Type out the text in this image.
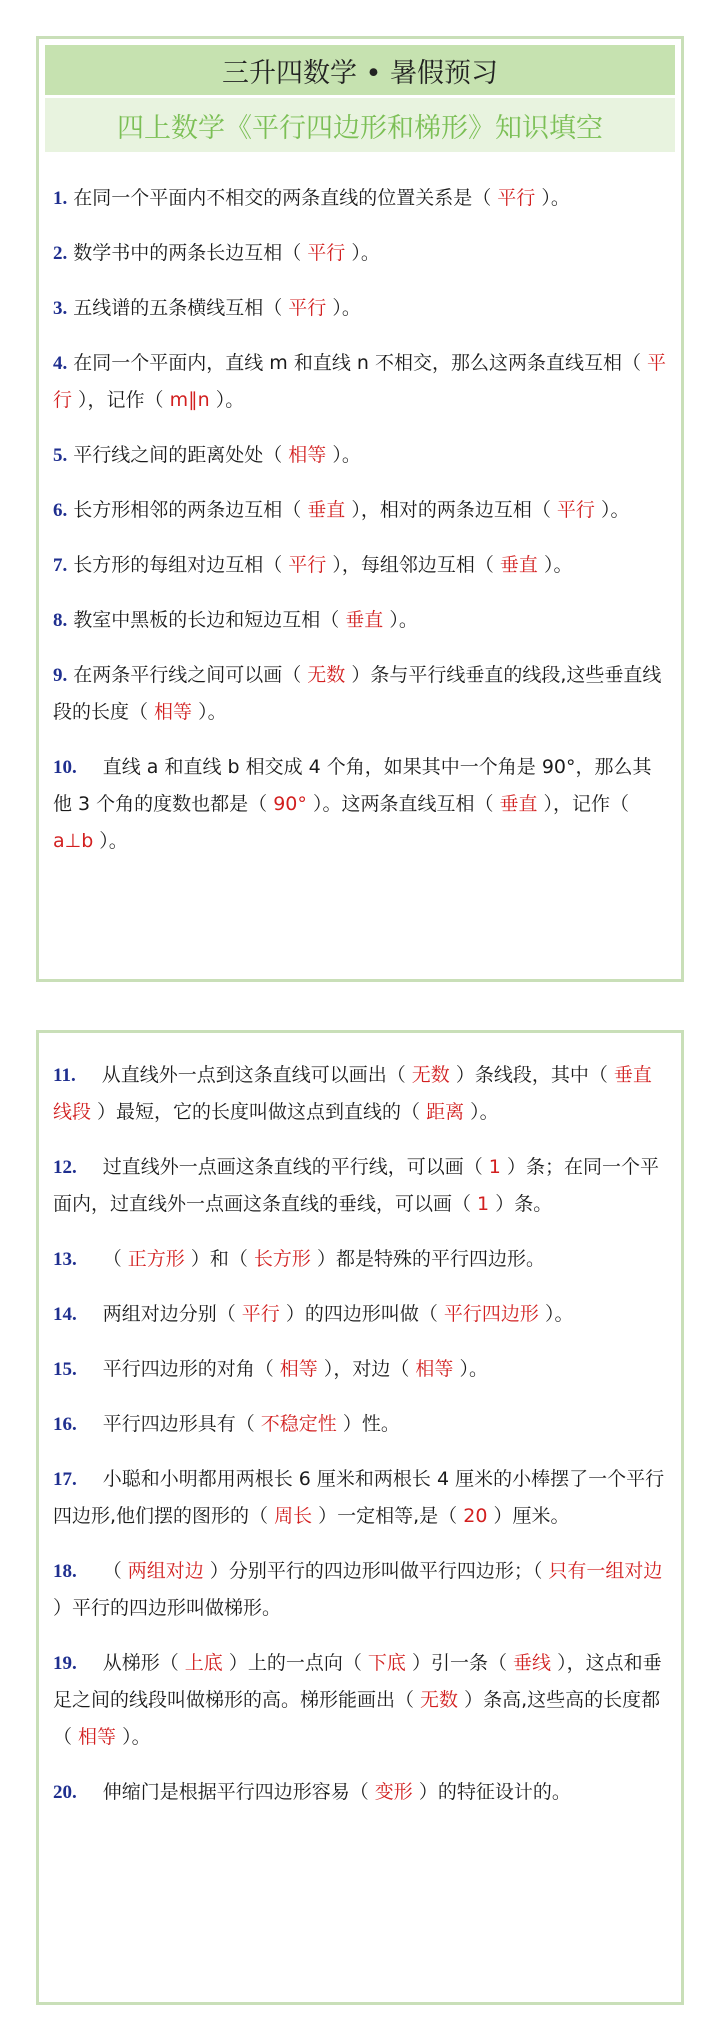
三升四数学 • 暑假预习
四上数学《平行四边形和梯形》知识填空
1. 在同一个平面内不相交的两条直线的位置关系是（ 平行 ）。
2. 数学书中的两条长边互相（ 平行 ）。
3. 五线谱的五条横线互相（ 平行 ）。
4. 在同一个平面内，直线 m 和直线 n 不相交，那么这两条直线互相（ 平行 ），记作（ m∥n ）。
5. 平行线之间的距离处处（ 相等 ）。
6. 长方形相邻的两条边互相（ 垂直 ），相对的两条边互相（ 平行 ）。
7. 长方形的每组对边互相（ 平行 ），每组邻边互相（ 垂直 ）。
8. 教室中黑板的长边和短边互相（ 垂直 ）。
9. 在两条平行线之间可以画（ 无数 ）条与平行线垂直的线段,这些垂直线段的长度（ 相等 ）。
10. 直线 a 和直线 b 相交成 4 个角，如果其中一个角是 90°，那么其他 3 个角的度数也都是（ 90° ）。这两条直线互相（ 垂直 ），记作（ a⊥b ）。
11. 从直线外一点到这条直线可以画出（ 无数 ）条线段，其中（ 垂直线段 ）最短，它的长度叫做这点到直线的（ 距离 ）。
12. 过直线外一点画这条直线的平行线，可以画（ 1 ）条；在同一个平面内，过直线外一点画这条直线的垂线，可以画（ 1 ）条。
13. （ 正方形 ）和（ 长方形 ）都是特殊的平行四边形。
14. 两组对边分别（ 平行 ）的四边形叫做（ 平行四边形 ）。
15. 平行四边形的对角（ 相等 ），对边（ 相等 ）。
16. 平行四边形具有（ 不稳定性 ）性。
17. 小聪和小明都用两根长 6 厘米和两根长 4 厘米的小棒摆了一个平行四边形,他们摆的图形的（ 周长 ）一定相等,是（ 20 ）厘米。
18. （ 两组对边 ）分别平行的四边形叫做平行四边形；（ 只有一组对边 ）平行的四边形叫做梯形。
19. 从梯形（ 上底 ）上的一点向（ 下底 ）引一条（ 垂线 ），这点和垂足之间的线段叫做梯形的高。梯形能画出（ 无数 ）条高,这些高的长度都（ 相等 ）。
20. 伸缩门是根据平行四边形容易（ 变形 ）的特征设计的。
